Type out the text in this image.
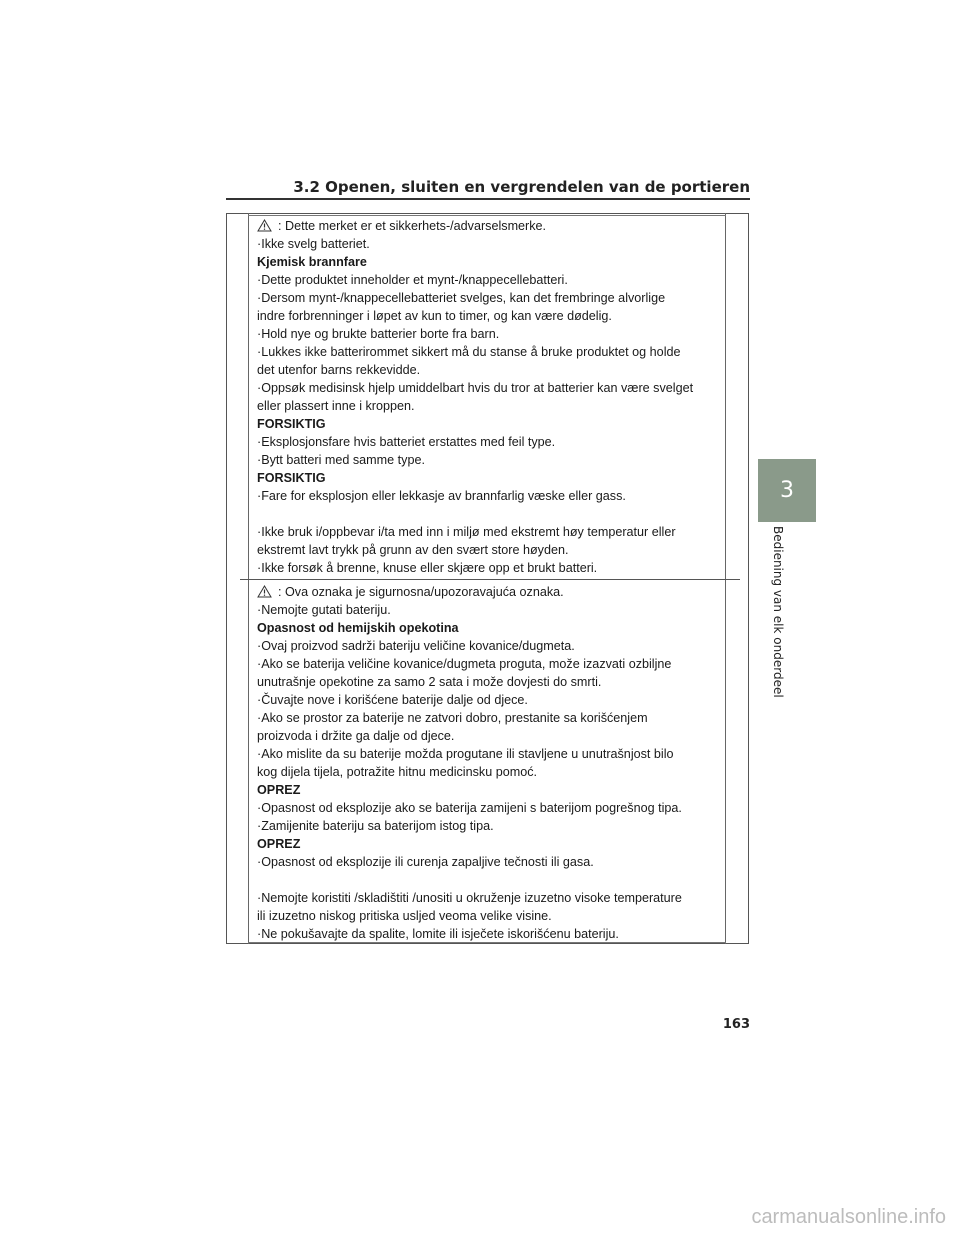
3.2 Openen, sluiten en vergrendelen van de portieren
3
Bediening van elk onderdeel

: Dette merket er et sikkerhets-/advarselsmerke.

·Ikke svelg batteriet.

Kjemisk brannfare

·Dette produktet inneholder et mynt-/knappecellebatteri.

·Dersom mynt-/knappecellebatteriet svelges, kan det frembringe alvorlige

indre forbrenninger i løpet av kun to timer, og kan være dødelig.

·Hold nye og brukte batterier borte fra barn.

·Lukkes ikke batterirommet sikkert må du stanse å bruke produktet og holde

det utenfor barns rekkevidde.

·Oppsøk medisinsk hjelp umiddelbart hvis du tror at batterier kan være svelget

eller plassert inne i kroppen.

FORSIKTIG

·Eksplosjonsfare hvis batteriet erstattes med feil type.

·Bytt batteri med samme type.

FORSIKTIG

·Fare for eksplosjon eller lekkasje av brannfarlig væske eller gass.

·Ikke bruk i/oppbevar i/ta med inn i miljø med ekstremt høy temperatur eller

ekstremt lavt trykk på grunn av den svært store høyden.

·Ikke forsøk å brenne, knuse eller skjære opp et brukt batteri.

: Ova oznaka je sigurnosna/upozoravajuća oznaka.

·Nemojte gutati bateriju.

Opasnost od hemijskih opekotina

·Ovaj proizvod sadrži bateriju veličine kovanice/dugmeta.

·Ako se baterija veličine kovanice/dugmeta proguta, može izazvati ozbiljne

unutrašnje opekotine za samo 2 sata i može dovjesti do smrti.

·Čuvajte nove i korišćene baterije dalje od djece.

·Ako se prostor za baterije ne zatvori dobro, prestanite sa korišćenjem

proizvoda i držite ga dalje od djece.

·Ako mislite da su baterije možda progutane ili stavljene u unutrašnjost bilo

kog dijela tijela, potražite hitnu medicinsku pomoć.

OPREZ

·Opasnost od eksplozije ako se baterija zamijeni s baterijom pogrešnog tipa.

·Zamijenite bateriju sa baterijom istog tipa.

OPREZ

·Opasnost od eksplozije ili curenja zapaljive tečnosti ili gasa.

·Nemojte koristiti /skladištiti /unositi u okruženje izuzetno visoke temperature

ili izuzetno niskog pritiska usljed veoma velike visine.

·Ne pokušavajte da spalite, lomite ili isječete iskorišćenu bateriju.

163
carmanualsonline.info
